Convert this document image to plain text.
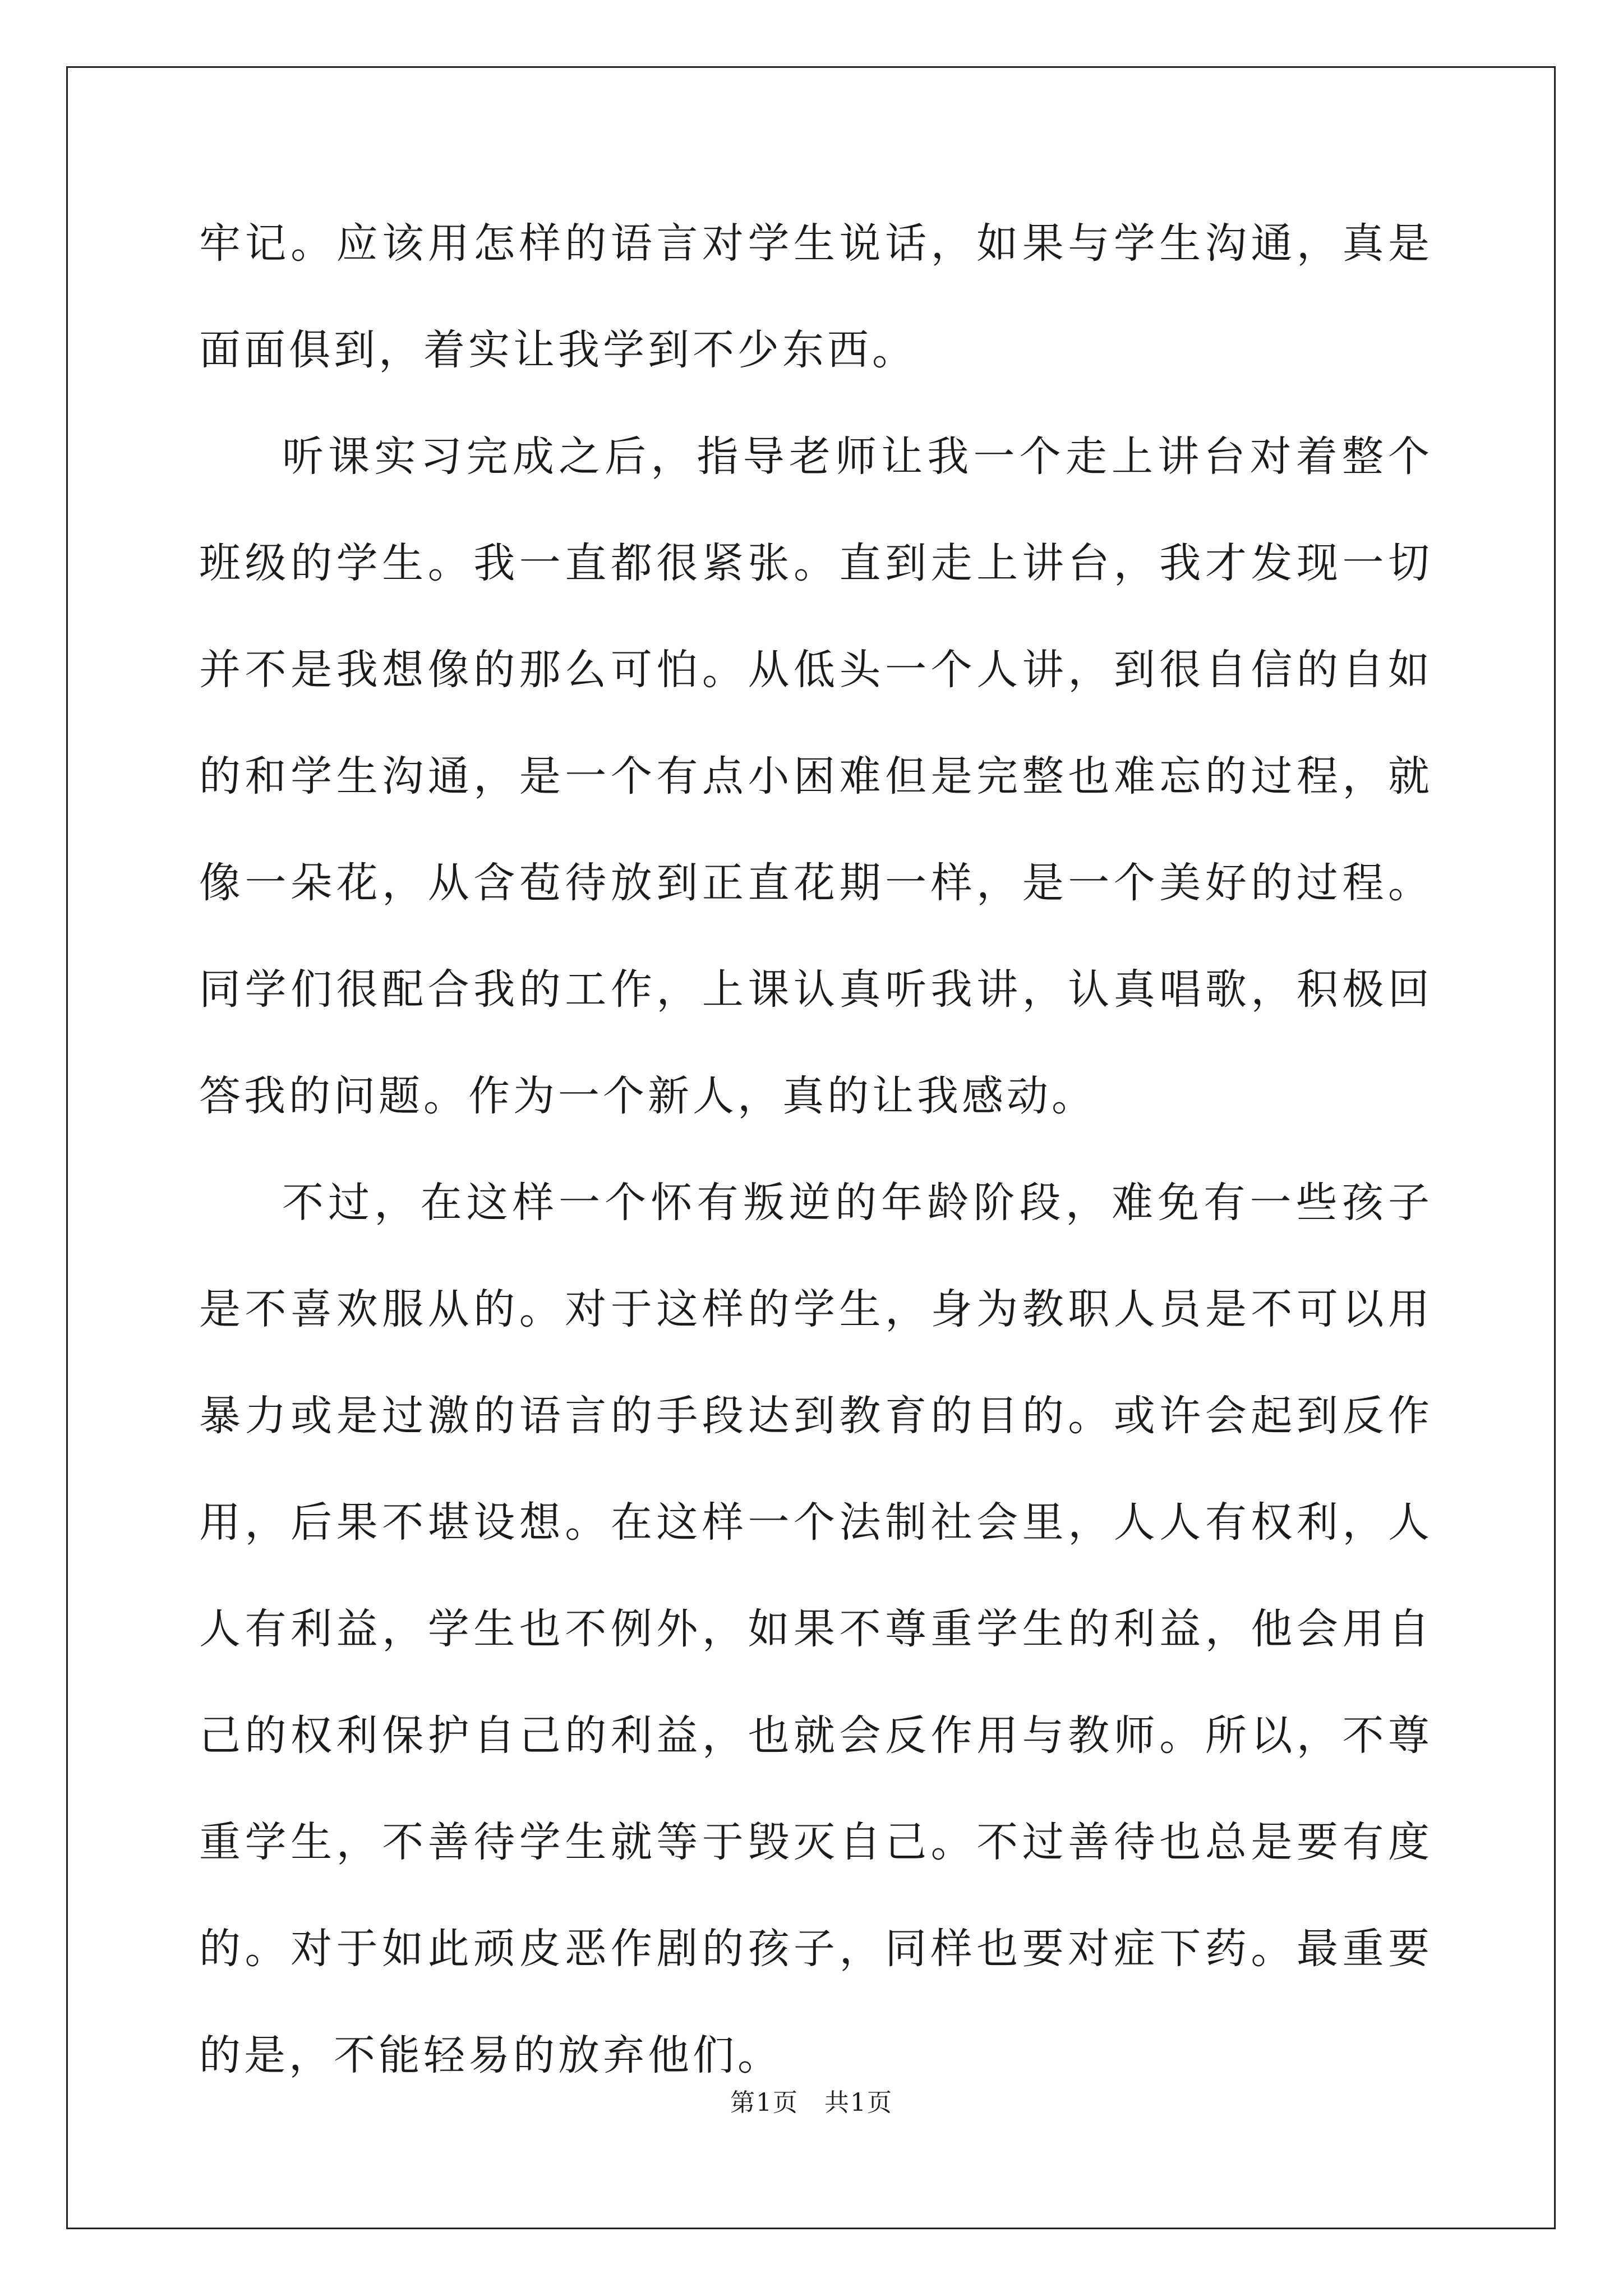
牢记。应该用怎样的语言对学生说话，如果与学生沟通，真是面面俱到，着实让我学到不少东西。

听课实习完成之后，指导老师让我一个走上讲台对着整个班级的学生。我一直都很紧张。直到走上讲台，我才发现一切并不是我想像的那么可怕。从低头一个人讲，到很自信的自如的和学生沟通，是一个有点小困难但是完整也难忘的过程，就像一朵花，从含苞待放到正直花期一样，是一个美好的过程。同学们很配合我的工作，上课认真听我讲，认真唱歌，积极回答我的问题。作为一个新人，真的让我感动。

不过，在这样一个怀有叛逆的年龄阶段，难免有一些孩子是不喜欢服从的。对于这样的学生，身为教职人员是不可以用暴力或是过激的语言的手段达到教育的目的。或许会起到反作用，后果不堪设想。在这样一个法制社会里，人人有权利，人人有利益，学生也不例外，如果不尊重学生的利益，他会用自己的权利保护自己的利益，也就会反作用与教师。所以，不尊重学生，不善待学生就等于毁灭自己。不过善待也总是要有度的。对于如此顽皮恶作剧的孩子，同样也要对症下药。最重要的是，不能轻易的放弃他们。

第1页　共1页
